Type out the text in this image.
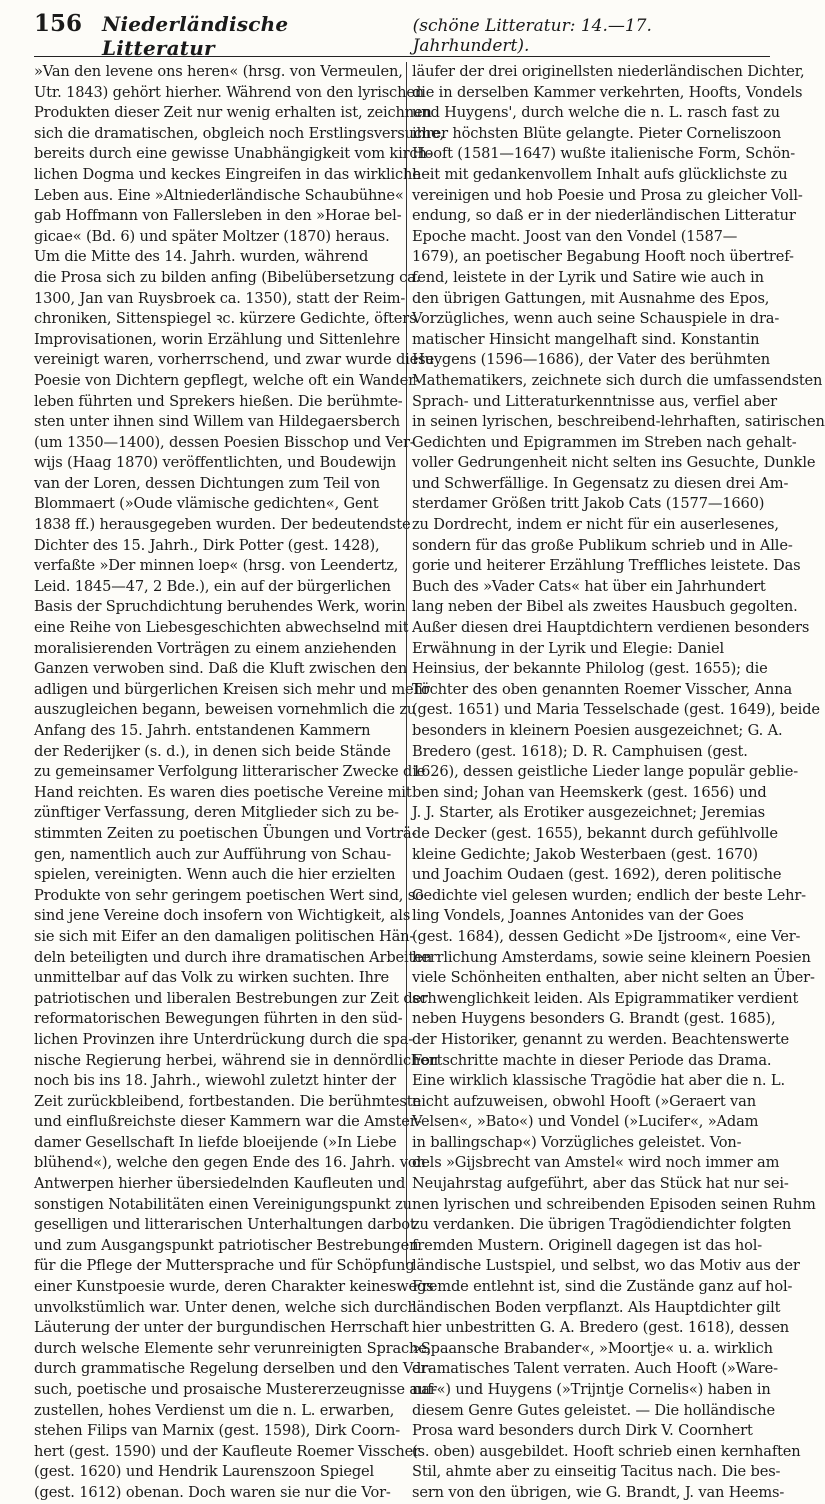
156 Niederländische Litteratur
(schöne Litteratur: 14.—17. Jahrhundert).
»Van den levene ons heren« (hrsg. von Vermeulen,
Utr. 1843) gehört hierher. Während von den lyrischen
Produkten dieser Zeit nur wenig erhalten ist, zeichnen
sich die dramatischen, obgleich noch Erstlingsversuche,
bereits durch eine gewisse Unabhängigkeit vom kirch-
lichen Dogma und keckes Eingreifen in das wirkliche
Leben aus. Eine »Altniederländische Schaubühne«
gab Hoffmann von Fallersleben in den »Horae bel-
gicae« (Bd. 6) und später Moltzer (1870) heraus.
Um die Mitte des 14. Jahrh. wurden, während
die Prosa sich zu bilden anfing (Bibelübersetzung ca.
1300, Jan van Ruysbroek ca. 1350), statt der Reim-
chroniken, Sittenspiegel ꝛc. kürzere Gedichte, öfters
Improvisationen, worin Erzählung und Sittenlehre
vereinigt waren, vorherrschend, und zwar wurde diese
Poesie von Dichtern gepflegt, welche oft ein Wander-
leben führten und Sprekers hießen. Die berühmte-
sten unter ihnen sind Willem van Hildegaersberch
(um 1350—1400), dessen Poesien Bisschop und Ver-
wijs (Haag 1870) veröffentlichten, und Boudewijn
van der Loren, dessen Dichtungen zum Teil von
Blommaert (»Oude vlämische gedichten«, Gent
1838 ff.) herausgegeben wurden. Der bedeutendste
Dichter des 15. Jahrh., Dirk Potter (gest. 1428),
verfaßte »Der minnen loep« (hrsg. von Leendertz,
Leid. 1845—47, 2 Bde.), ein auf der bürgerlichen
Basis der Spruchdichtung beruhendes Werk, worin
eine Reihe von Liebesgeschichten abwechselnd mit
moralisierenden Vorträgen zu einem anziehenden
Ganzen verwoben sind. Daß die Kluft zwischen den
adligen und bürgerlichen Kreisen sich mehr und mehr
auszugleichen begann, beweisen vornehmlich die zu
Anfang des 15. Jahrh. entstandenen Kammern
der Rederijker (s. d.), in denen sich beide Stände
zu gemeinsamer Verfolgung litterarischer Zwecke die
Hand reichten. Es waren dies poetische Vereine mit
zünftiger Verfassung, deren Mitglieder sich zu be-
stimmten Zeiten zu poetischen Übungen und Vorträ-
gen, namentlich auch zur Aufführung von Schau-
spielen, vereinigten. Wenn auch die hier erzielten
Produkte von sehr geringem poetischen Wert sind, so
sind jene Vereine doch insofern von Wichtigkeit, als
sie sich mit Eifer an den damaligen politischen Hän-
deln beteiligten und durch ihre dramatischen Arbeiten
unmittelbar auf das Volk zu wirken suchten. Ihre
patriotischen und liberalen Bestrebungen zur Zeit der
reformatorischen Bewegungen führten in den süd-
lichen Provinzen ihre Unterdrückung durch die spa-
nische Regierung herbei, während sie in dennördlichen
noch bis ins 18. Jahrh., wiewohl zuletzt hinter der
Zeit zurückbleibend, fortbestanden. Die berühmteste
und einflußreichste dieser Kammern war die Amster-
damer Gesellschaft In liefde bloeijende (»In Liebe
blühend«), welche den gegen Ende des 16. Jahrh. von
Antwerpen hierher übersiedelnden Kaufleuten und
sonstigen Notabilitäten einen Vereinigungspunkt zu
geselligen und litterarischen Unterhaltungen darbot
und zum Ausgangspunkt patriotischer Bestrebungen
für die Pflege der Muttersprache und für Schöpfung
einer Kunstpoesie wurde, deren Charakter keineswegs
unvolkstümlich war. Unter denen, welche sich durch
Läuterung der unter der burgundischen Herrschaft
durch welsche Elemente sehr verunreinigten Sprache,
durch grammatische Regelung derselben und den Ver-
such, poetische und prosaische Mustererzeugnisse auf-
zustellen, hohes Verdienst um die n. L. erwarben,
stehen Filips van Marnix (gest. 1598), Dirk Coorn-
hert (gest. 1590) und der Kaufleute Roemer Visscher
(gest. 1620) und Hendrik Laurenszoon Spiegel
(gest. 1612) obenan. Doch waren sie nur die Vor-
läufer der drei originellsten niederländischen Dichter,
die in derselben Kammer verkehrten, Hoofts, Vondels
und Huygens', durch welche die n. L. rasch fast zu
ihrer höchsten Blüte gelangte. Pieter Corneliszoon
Hooft (1581—1647) wußte italienische Form, Schön-
heit mit gedankenvollem Inhalt aufs glücklichste zu
vereinigen und hob Poesie und Prosa zu gleicher Voll-
endung, so daß er in der niederländischen Litteratur
Epoche macht. Joost van den Vondel (1587—
1679), an poetischer Begabung Hooft noch übertref-
fend, leistete in der Lyrik und Satire wie auch in
den übrigen Gattungen, mit Ausnahme des Epos,
Vorzügliches, wenn auch seine Schauspiele in dra-
matischer Hinsicht mangelhaft sind. Konstantin
Huygens (1596—1686), der Vater des berühmten
Mathematikers, zeichnete sich durch die umfassendsten
Sprach- und Litteraturkenntnisse aus, verfiel aber
in seinen lyrischen, beschreibend-lehrhaften, satirischen
Gedichten und Epigrammen im Streben nach gehalt-
voller Gedrungenheit nicht selten ins Gesuchte, Dunkle
und Schwerfällige. In Gegensatz zu diesen drei Am-
sterdamer Größen tritt Jakob Cats (1577—1660)
zu Dordrecht, indem er nicht für ein auserlesenes,
sondern für das große Publikum schrieb und in Alle-
gorie und heiterer Erzählung Treffliches leistete. Das
Buch des »Vader Cats« hat über ein Jahrhundert
lang neben der Bibel als zweites Hausbuch gegolten.
Außer diesen drei Hauptdichtern verdienen besonders
Erwähnung in der Lyrik und Elegie: Daniel
Heinsius, der bekannte Philolog (gest. 1655); die
Töchter des oben genannten Roemer Visscher, Anna
(gest. 1651) und Maria Tesselschade (gest. 1649), beide
besonders in kleinern Poesien ausgezeichnet; G. A.
Bredero (gest. 1618); D. R. Camphuisen (gest.
1626), dessen geistliche Lieder lange populär geblie-
ben sind; Johan van Heemskerk (gest. 1656) und
J. J. Starter, als Erotiker ausgezeichnet; Jeremias
de Decker (gest. 1655), bekannt durch gefühlvolle
kleine Gedichte; Jakob Westerbaen (gest. 1670)
und Joachim Oudaen (gest. 1692), deren politische
Gedichte viel gelesen wurden; endlich der beste Lehr-
ling Vondels, Joannes Antonides van der Goes
(gest. 1684), dessen Gedicht »De Ijstroom«, eine Ver-
herrlichung Amsterdams, sowie seine kleinern Poesien
viele Schönheiten enthalten, aber nicht selten an Über-
schwenglichkeit leiden. Als Epigrammatiker verdient
neben Huygens besonders G. Brandt (gest. 1685),
der Historiker, genannt zu werden. Beachtenswerte
Fortschritte machte in dieser Periode das Drama.
Eine wirklich klassische Tragödie hat aber die n. L.
nicht aufzuweisen, obwohl Hooft (»Geraert van
Velsen«, »Bato«) und Vondel (»Lucifer«, »Adam
in ballingschap«) Vorzügliches geleistet. Von-
dels »Gijsbrecht van Amstel« wird noch immer am
Neujahrstag aufgeführt, aber das Stück hat nur sei-
nen lyrischen und schreibenden Episoden seinen Ruhm
zu verdanken. Die übrigen Tragödiendichter folgten
fremden Mustern. Originell dagegen ist das hol-
ländische Lustspiel, und selbst, wo das Motiv aus der
Fremde entlehnt ist, sind die Zustände ganz auf hol-
ländischen Boden verpflanzt. Als Hauptdichter gilt
hier unbestritten G. A. Bredero (gest. 1618), dessen
»Spaansche Brabander«, »Moortje« u. a. wirklich
dramatisches Talent verraten. Auch Hooft (»Ware-
nar«) und Huygens (»Trijntje Cornelis«) haben in
diesem Genre Gutes geleistet. — Die holländische
Prosa ward besonders durch Dirk V. Coornhert
(s. oben) ausgebildet. Hooft schrieb einen kernhaften
Stil, ahmte aber zu einseitig Tacitus nach. Die bes-
sern von den übrigen, wie G. Brandt, J. van Heems-
